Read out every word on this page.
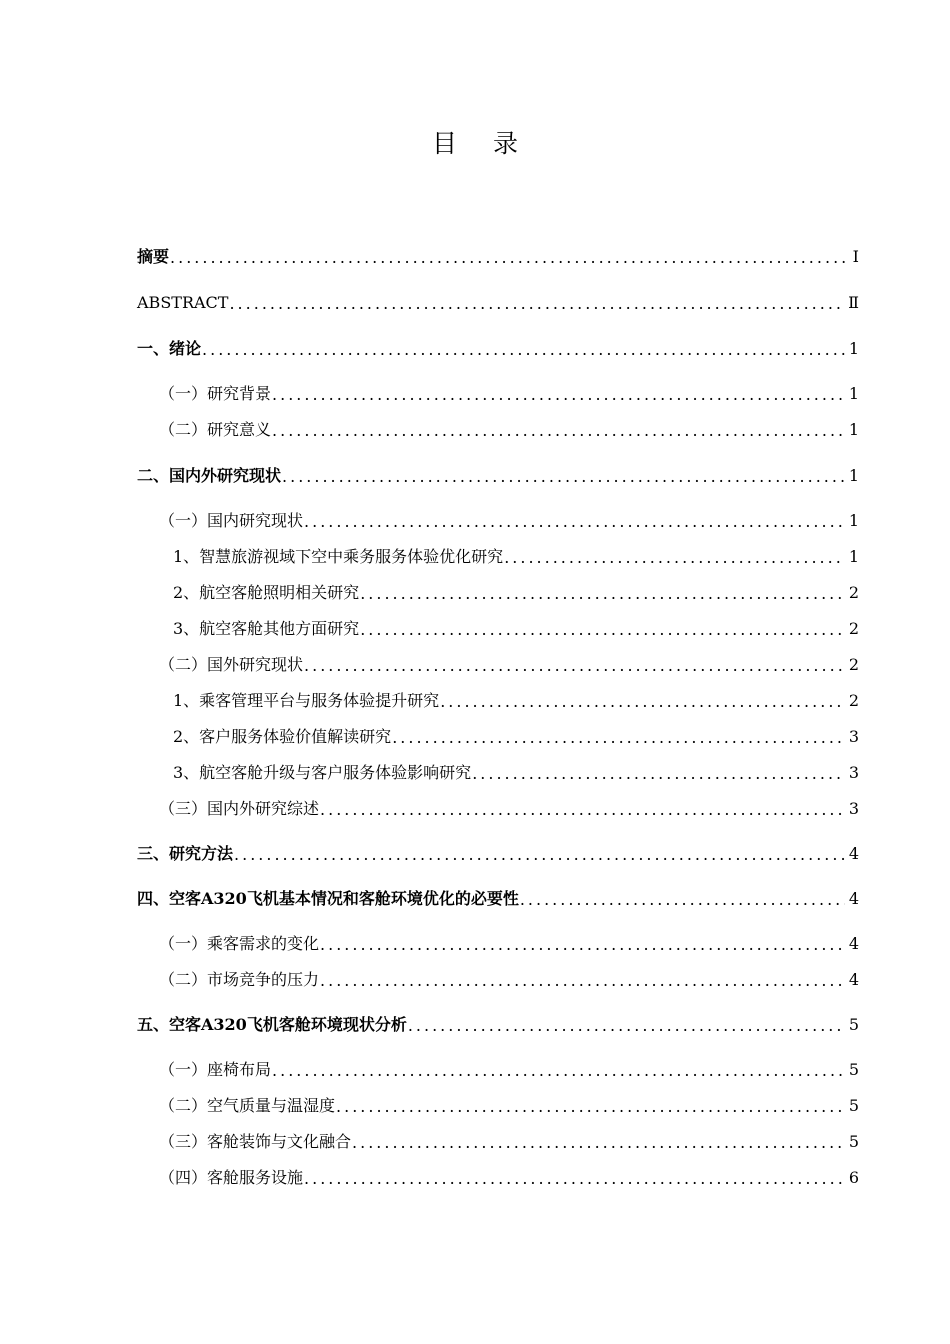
目 录
摘要 .....	Ⅰ
ABSTRACT .....	Ⅱ
一、绪论 .....	1
（一）研究背景 .....	1
（二）研究意义 .....	1
二、国内外研究现状 .....	1
（一）国内研究现状 .....	1
1、智慧旅游视域下空中乘务服务体验优化研究 .....	1
2、航空客舱照明相关研究 .....	2
3、航空客舱其他方面研究 .....	2
（二）国外研究现状 .....	2
1、乘客管理平台与服务体验提升研究 .....	2
2、客户服务体验价值解读研究 .....	3
3、航空客舱升级与客户服务体验影响研究 .....	3
（三）国内外研究综述 .....	3
三、研究方法 .....	4
四、空客A320飞机基本情况和客舱环境优化的必要性 .....	4
（一）乘客需求的变化 .....	4
（二）市场竞争的压力 .....	4
五、空客A320飞机客舱环境现状分析 .....	5
（一）座椅布局 .....	5
（二）空气质量与温湿度 .....	5
（三）客舱装饰与文化融合 .....	5
（四）客舱服务设施 .....	6
